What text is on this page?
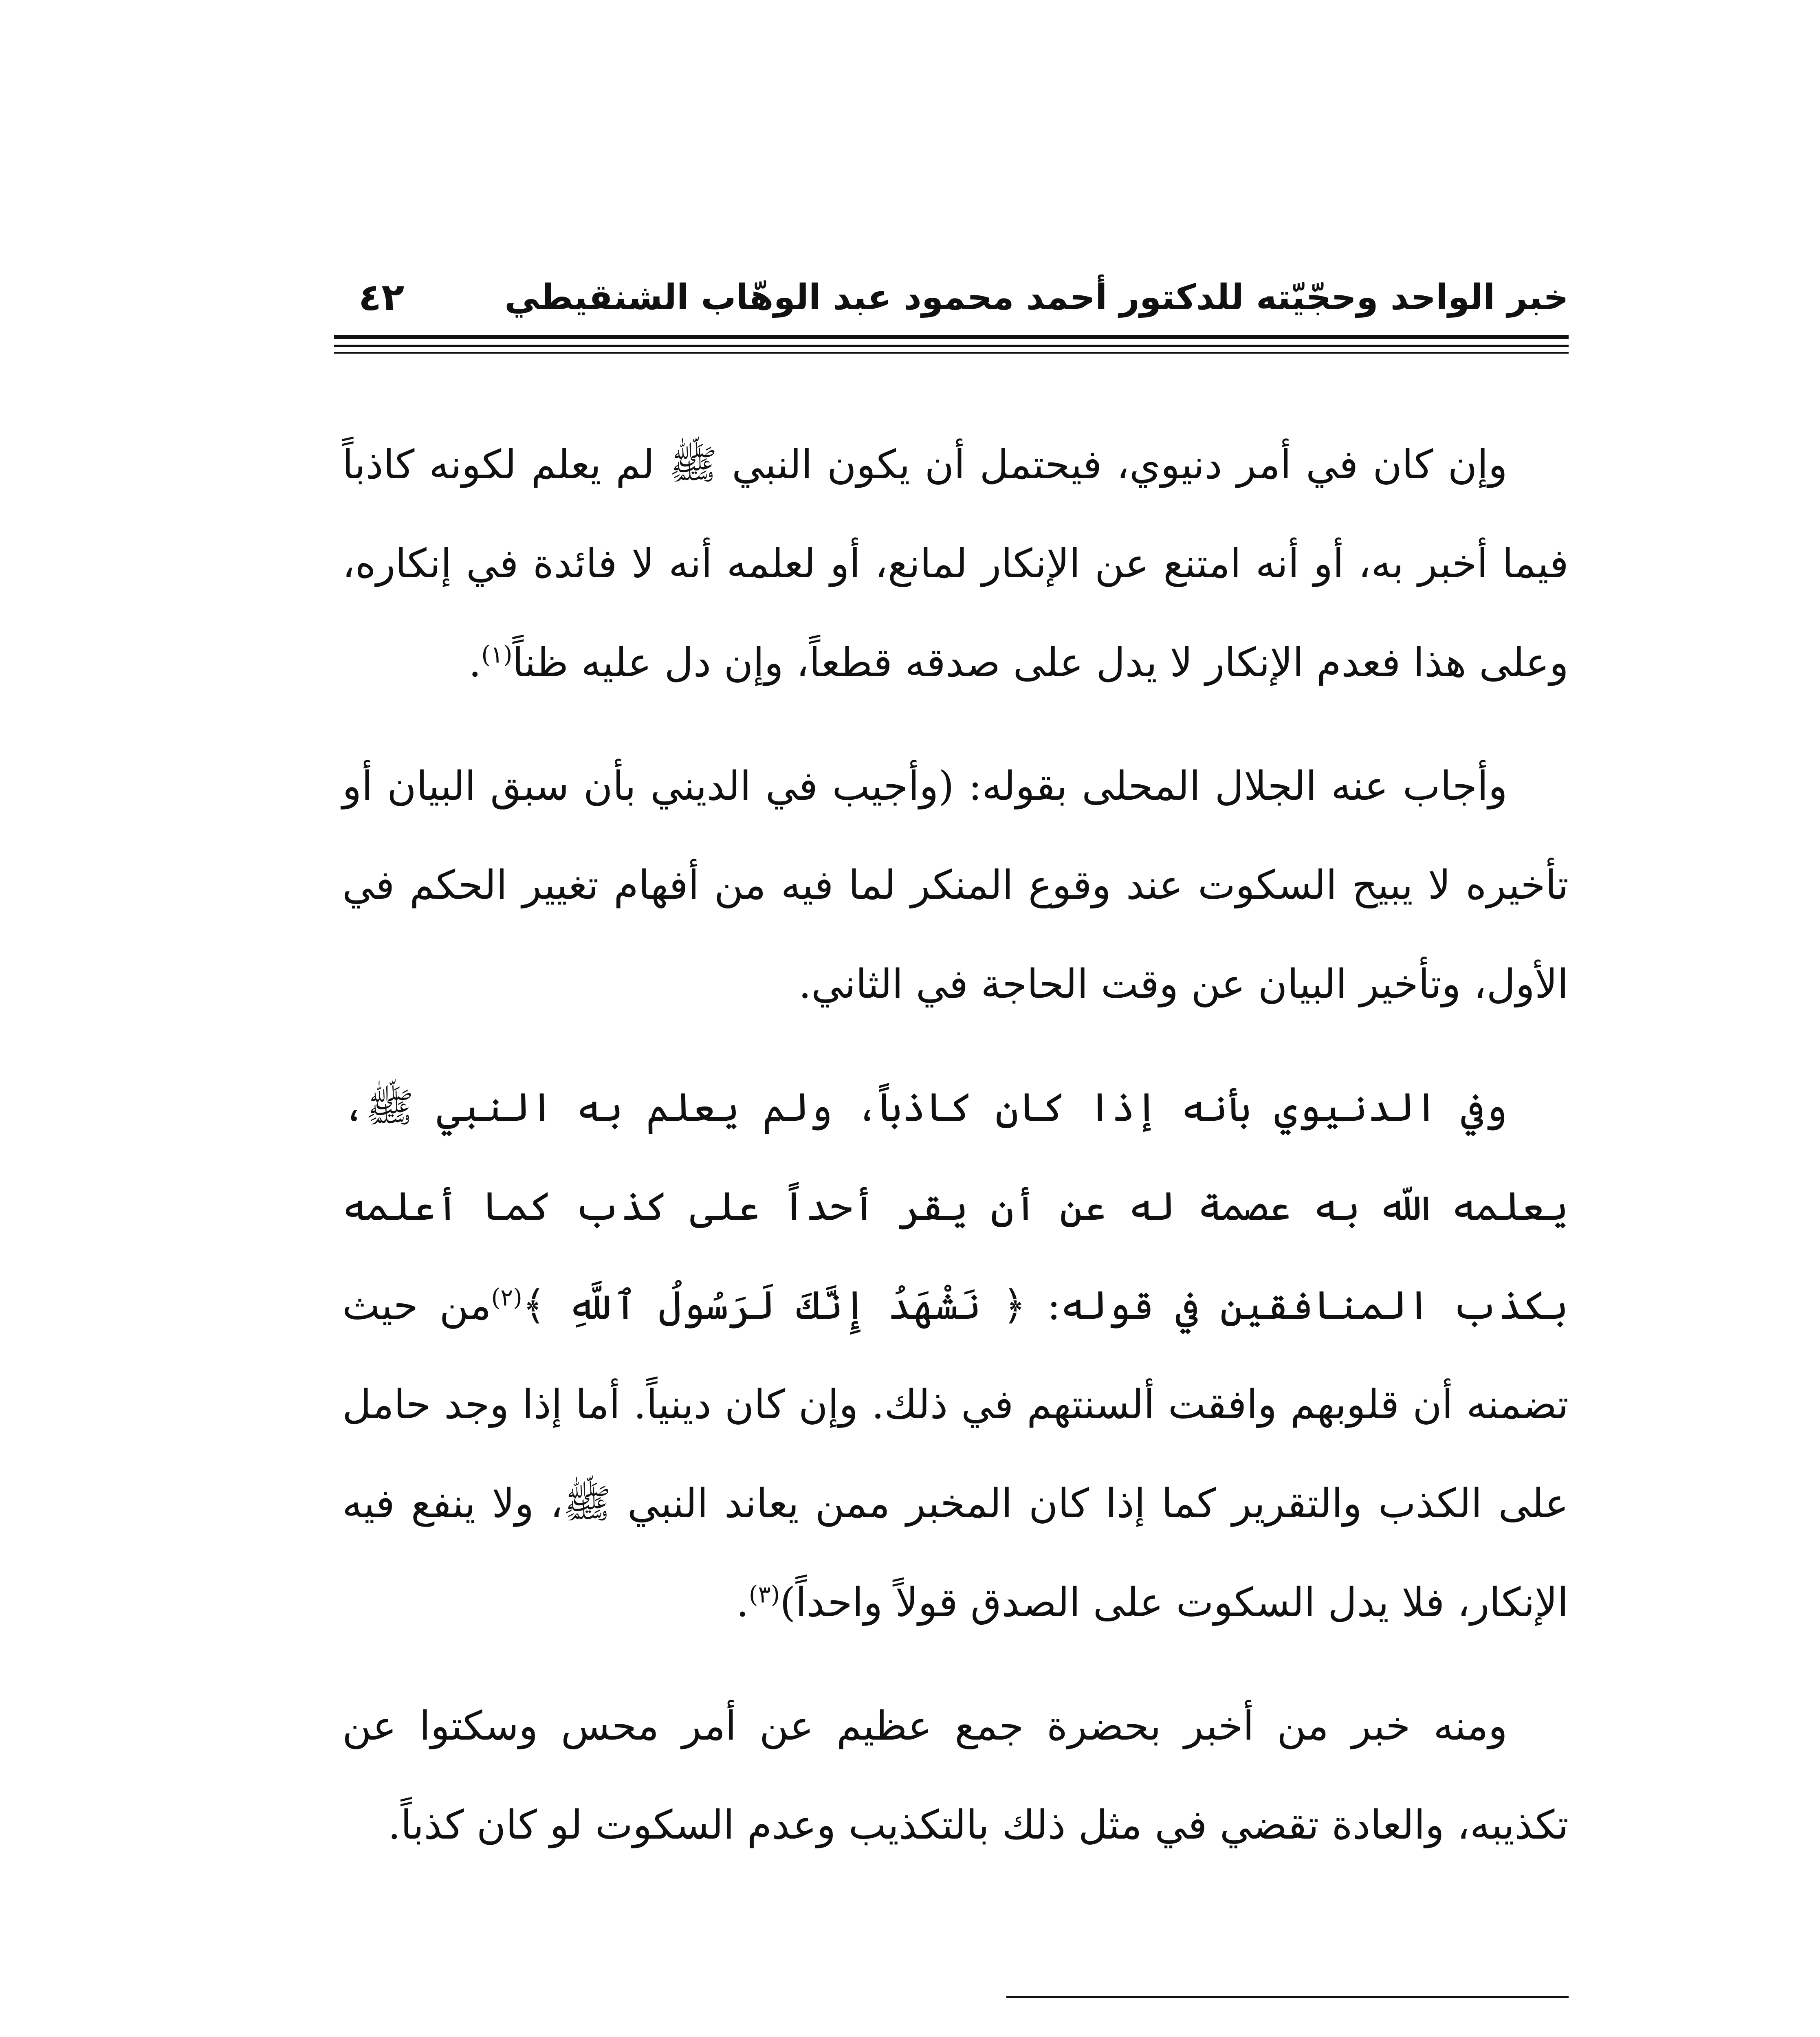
خبر الواحد وحجّيّته للدكتور أحمد محمود عبد الوهّاب الشنقيطي
٤٢

وإن كان في أمر دنيوي، فيحتمل أن يكون النبي ﷺ لم يعلم لكونه كاذباً فيما أخبر به، أو أنه امتنع عن الإنكار لمانع، أو لعلمه أنه لا فائدة في إنكاره، وعلى هذا فعدم الإنكار لا يدل على صدقه قطعاً، وإن دل عليه ظناً$^{(١)}$.

وأجاب عنه الجلال المحلى بقوله: (وأجيب في الديني بأن سبق البيان أو تأخيره لا يبيح السكوت عند وقوع المنكر لما فيه من أفهام تغيير الحكم في الأول، وتأخير البيان عن وقت الحاجة في الثاني.

وفي الدنيوي بأنه إذا كان كاذباً، ولم يعلم به النبي ﷺ، يعلمه اللّه به عصمة له عن أن يقر أحداً على كذب كما أعلمه بكذب المنافقين في قوله: ﴿ نَشْهَدُ إِنَّكَ لَرَسُولُ ٱللَّهِ ﴾$^{(٢)}$من حيث تضمنه أن قلوبهم وافقت ألسنتهم في ذلك. وإن كان دينياً. أما إذا وجد حامل على الكذب والتقرير كما إذا كان المخبر ممن يعاند النبي ﷺ، ولا ينفع فيه الإنكار، فلا يدل السكوت على الصدق قولاً واحداً)$^{(٣)}$.

ومنه خبر من أخبر بحضرة جمع عظيم عن أمر محس وسكتوا عن تكذيبه، والعادة تقضي في مثل ذلك بالتكذيب وعدم السكوت لو كان كذباً.
